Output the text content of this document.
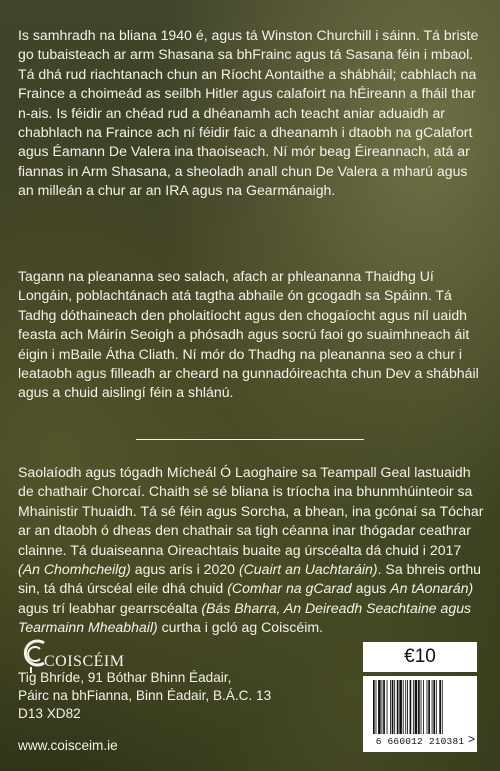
Is samhradh na bliana 1940 é, agus tá Winston Churchill i sáinn. Tá briste go tubaisteach ar arm Shasana sa bhFrainc agus tá Sasana féin i mbaol. Tá dhá rud riachtanach chun an Ríocht Aontaithe a shábháil; cabhlach na Fraince a choimeád as seilbh Hitler agus calafoirt na hÉireann a fháil thar n-ais. Is féidir an chéad rud a dhéanamh ach teacht aniar aduaidh ar chabhlach na Fraince ach ní féidir faic a dheanamh i dtaobh na gCalafort agus Éamann De Valera ina thaoiseach. Ní mór beag Éireannach, atá ar fiannas in Arm Shasana, a sheoladh anall chun De Valera a mharú agus an milleán a chur ar an IRA agus na Gearmánaigh.

Tagann na pleananna seo salach, afach ar phleananna Thaidhg Uí Longáin, poblachtánach atá tagtha abhaile ón gcogadh sa Spáinn. Tá Tadhg dóthaineach den pholaitíocht agus den chogaíocht agus níl uaidh feasta ach Máirín Seoigh a phósadh agus socrú faoi go suaimhneach áit éigin i mBaile Átha Cliath. Ní mór do Thadhg na pleananna seo a chur i leataobh agus filleadh ar cheard na gunnadóireachta chun Dev a shábháil agus a chuid aislingí féin a shlánú.

Saolaíodh agus tógadh Mícheál Ó Laoghaire sa Teampall Geal lastuaidh de chathair Chorcaí. Chaith sé sé bliana is tríocha ina bhunmhúinteoir sa Mhainistir Thuaidh. Tá sé féin agus Sorcha, a bhean, ina gcónaí sa Tóchar ar an dtaobh ó dheas den chathair sa tigh céanna inar thógadar ceathrar clainne. Tá duaiseanna Oireachtais buaite ag úrscéalta dá chuid i 2017 (An Chomhcheilg) agus arís i 2020 (Cuairt an Uachtaráin). Sa bhreis orthu sin, tá dhá úrscéal eile dhá chuid (Comhar na gCarad agus An tAonarán) agus trí leabhar gearrscéalta (Bás Bharra, An Deireadh Seachtaine agus Tearmainn Mheabhail) curtha i gcló ag Coiscéim.

COISCÉIM

Tig Bhríde, 91 Bóthar Bhinn Éadair,

Páirc na bhFianna, Binn Éadair, B.Á.C. 13

D13 XD82

www.coisceim.ie

€10
6 660012 210381 >
